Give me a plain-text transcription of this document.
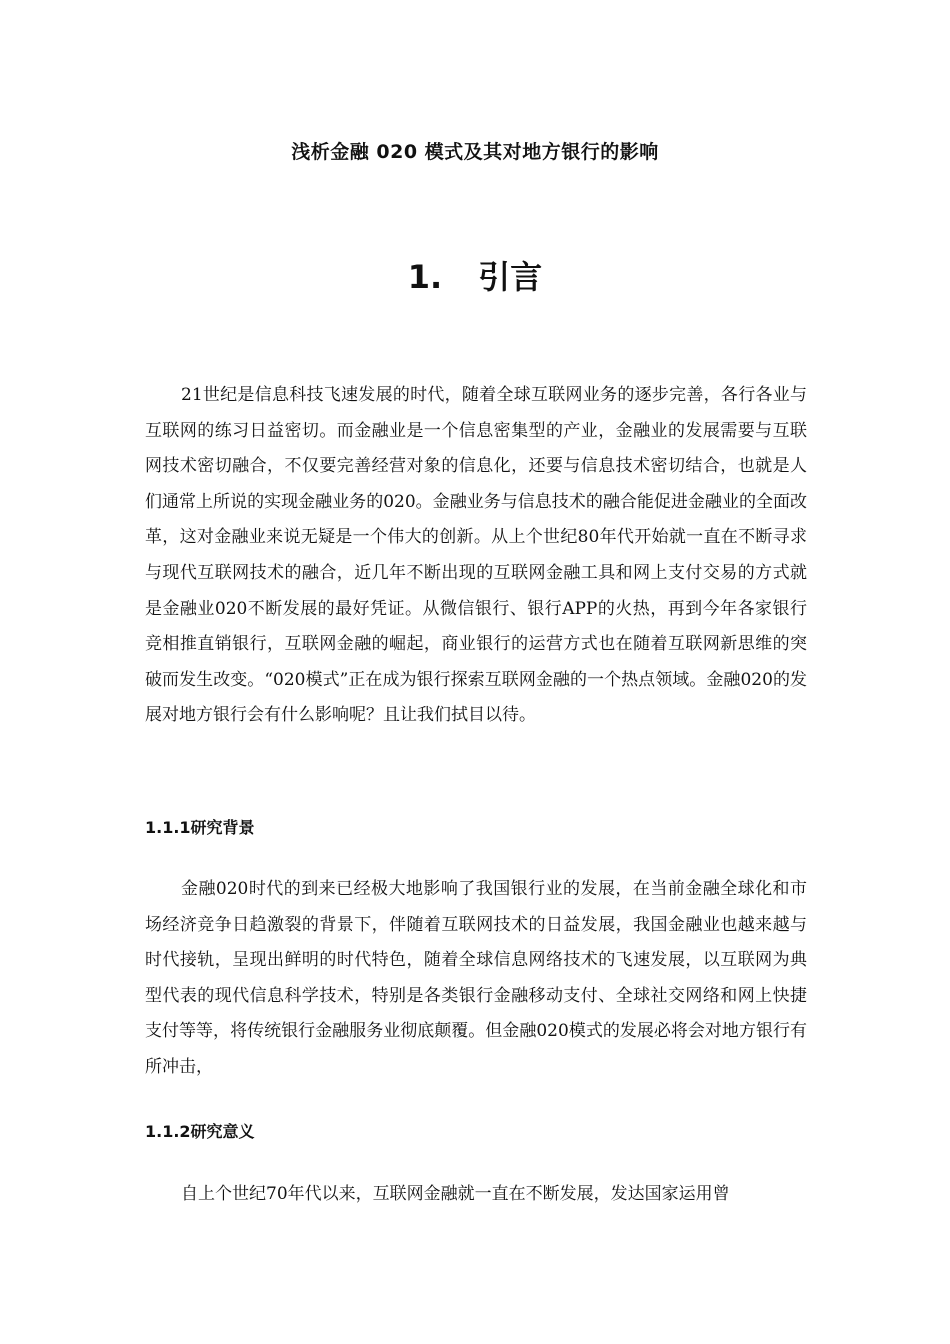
浅析金融 020 模式及其对地方银行的影响
1. 引言

21世纪是信息科技飞速发展的时代，随着全球互联网业务的逐步完善，各行各业与互联网的练习日益密切。而金融业是一个信息密集型的产业，金融业的发展需要与互联网技术密切融合，不仅要完善经营对象的信息化，还要与信息技术密切结合，也就是人们通常上所说的实现金融业务的020。金融业务与信息技术的融合能促进金融业的全面改革，这对金融业来说无疑是一个伟大的创新。从上个世纪80年代开始就一直在不断寻求与现代互联网技术的融合，近几年不断出现的互联网金融工具和网上支付交易的方式就是金融业020不断发展的最好凭证。从微信银行、银行APP的火热，再到今年各家银行竞相推直销银行，互联网金融的崛起，商业银行的运营方式也在随着互联网新思维的突破而发生改变。“020模式”正在成为银行探索互联网金融的一个热点领域。金融020的发展对地方银行会有什么影响呢？且让我们拭目以待。

1.1.1研究背景

金融020时代的到来已经极大地影响了我国银行业的发展，在当前金融全球化和市场经济竞争日趋激裂的背景下，伴随着互联网技术的日益发展，我国金融业也越来越与时代接轨，呈现出鲜明的时代特色，随着全球信息网络技术的飞速发展，以互联网为典型代表的现代信息科学技术，特别是各类银行金融移动支付、全球社交网络和网上快捷支付等等，将传统银行金融服务业彻底颠覆。但金融020模式的发展必将会对地方银行有所冲击，

1.1.2研究意义

自上个世纪70年代以来，互联网金融就一直在不断发展，发达国家运用曾
